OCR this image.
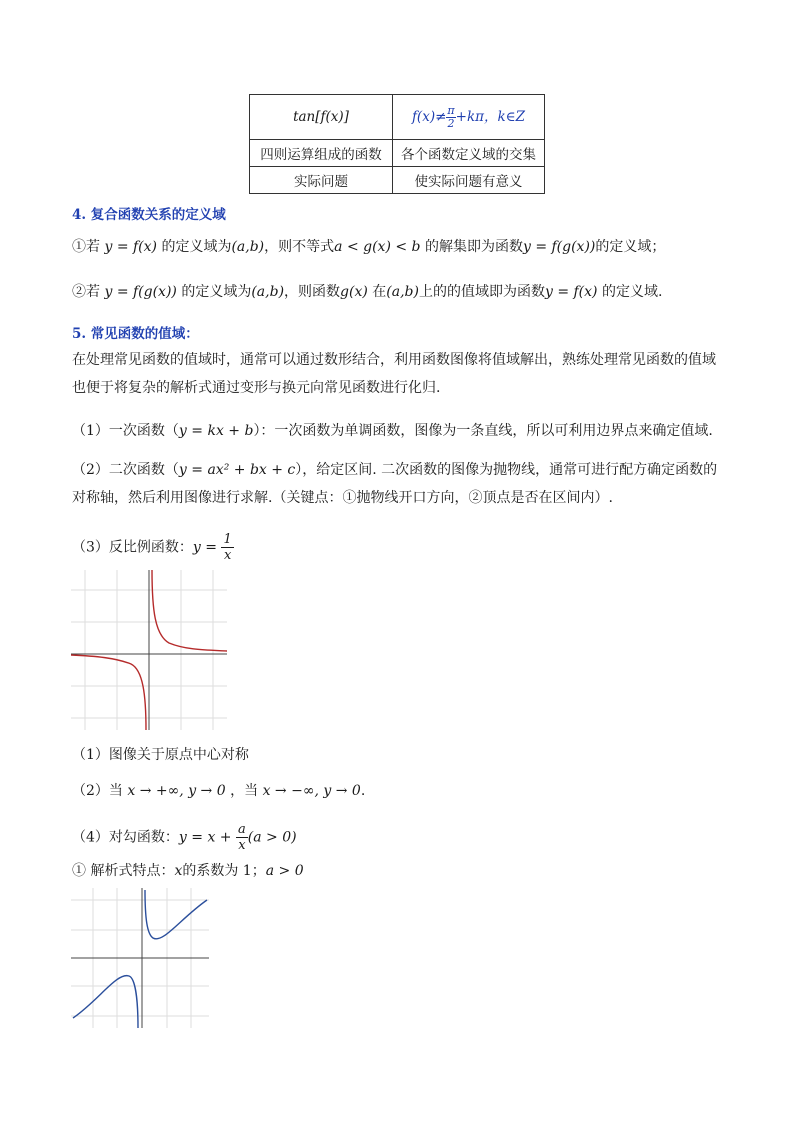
tan[f(x)]	$f(x)\ne \frac{\pi}{2} +k\pi$，k∈Z
四则运算组成的函数	各个函数定义域的交集
实际问题	使实际问题有意义
4. 复合函数关系的定义域
①若 y = f(x) 的定义域为(a,b)，则不等式a < g(x) < b 的解集即为函数y = f(g(x))的定义域；
②若 y = f(g(x)) 的定义域为(a,b)，则函数g(x) 在(a,b)上的的值域即为函数y = f(x) 的定义域.
5. 常见函数的值域：
在处理常见函数的值域时，通常可以通过数形结合，利用函数图像将值域解出，熟练处理常见函数的值域也便于将复杂的解析式通过变形与换元向常见函数进行化归.
（1）一次函数（y = kx + b）：一次函数为单调函数，图像为一条直线，所以可利用边界点来确定值域.
（2）二次函数（y = ax² + bx + c），给定区间. 二次函数的图像为抛物线，通常可进行配方确定函数的对称轴，然后利用图像进行求解.（关键点：①抛物线开口方向，②顶点是否在区间内）.
（3）反比例函数：$y = \frac{1}{x}$
（1）图像关于原点中心对称
（2）当 x → +∞, y → 0 ，当 x → −∞, y → 0.
（4）对勾函数：$y = x + \frac{a}{x} (a > 0)$
① 解析式特点：x的系数为 1；a > 0
